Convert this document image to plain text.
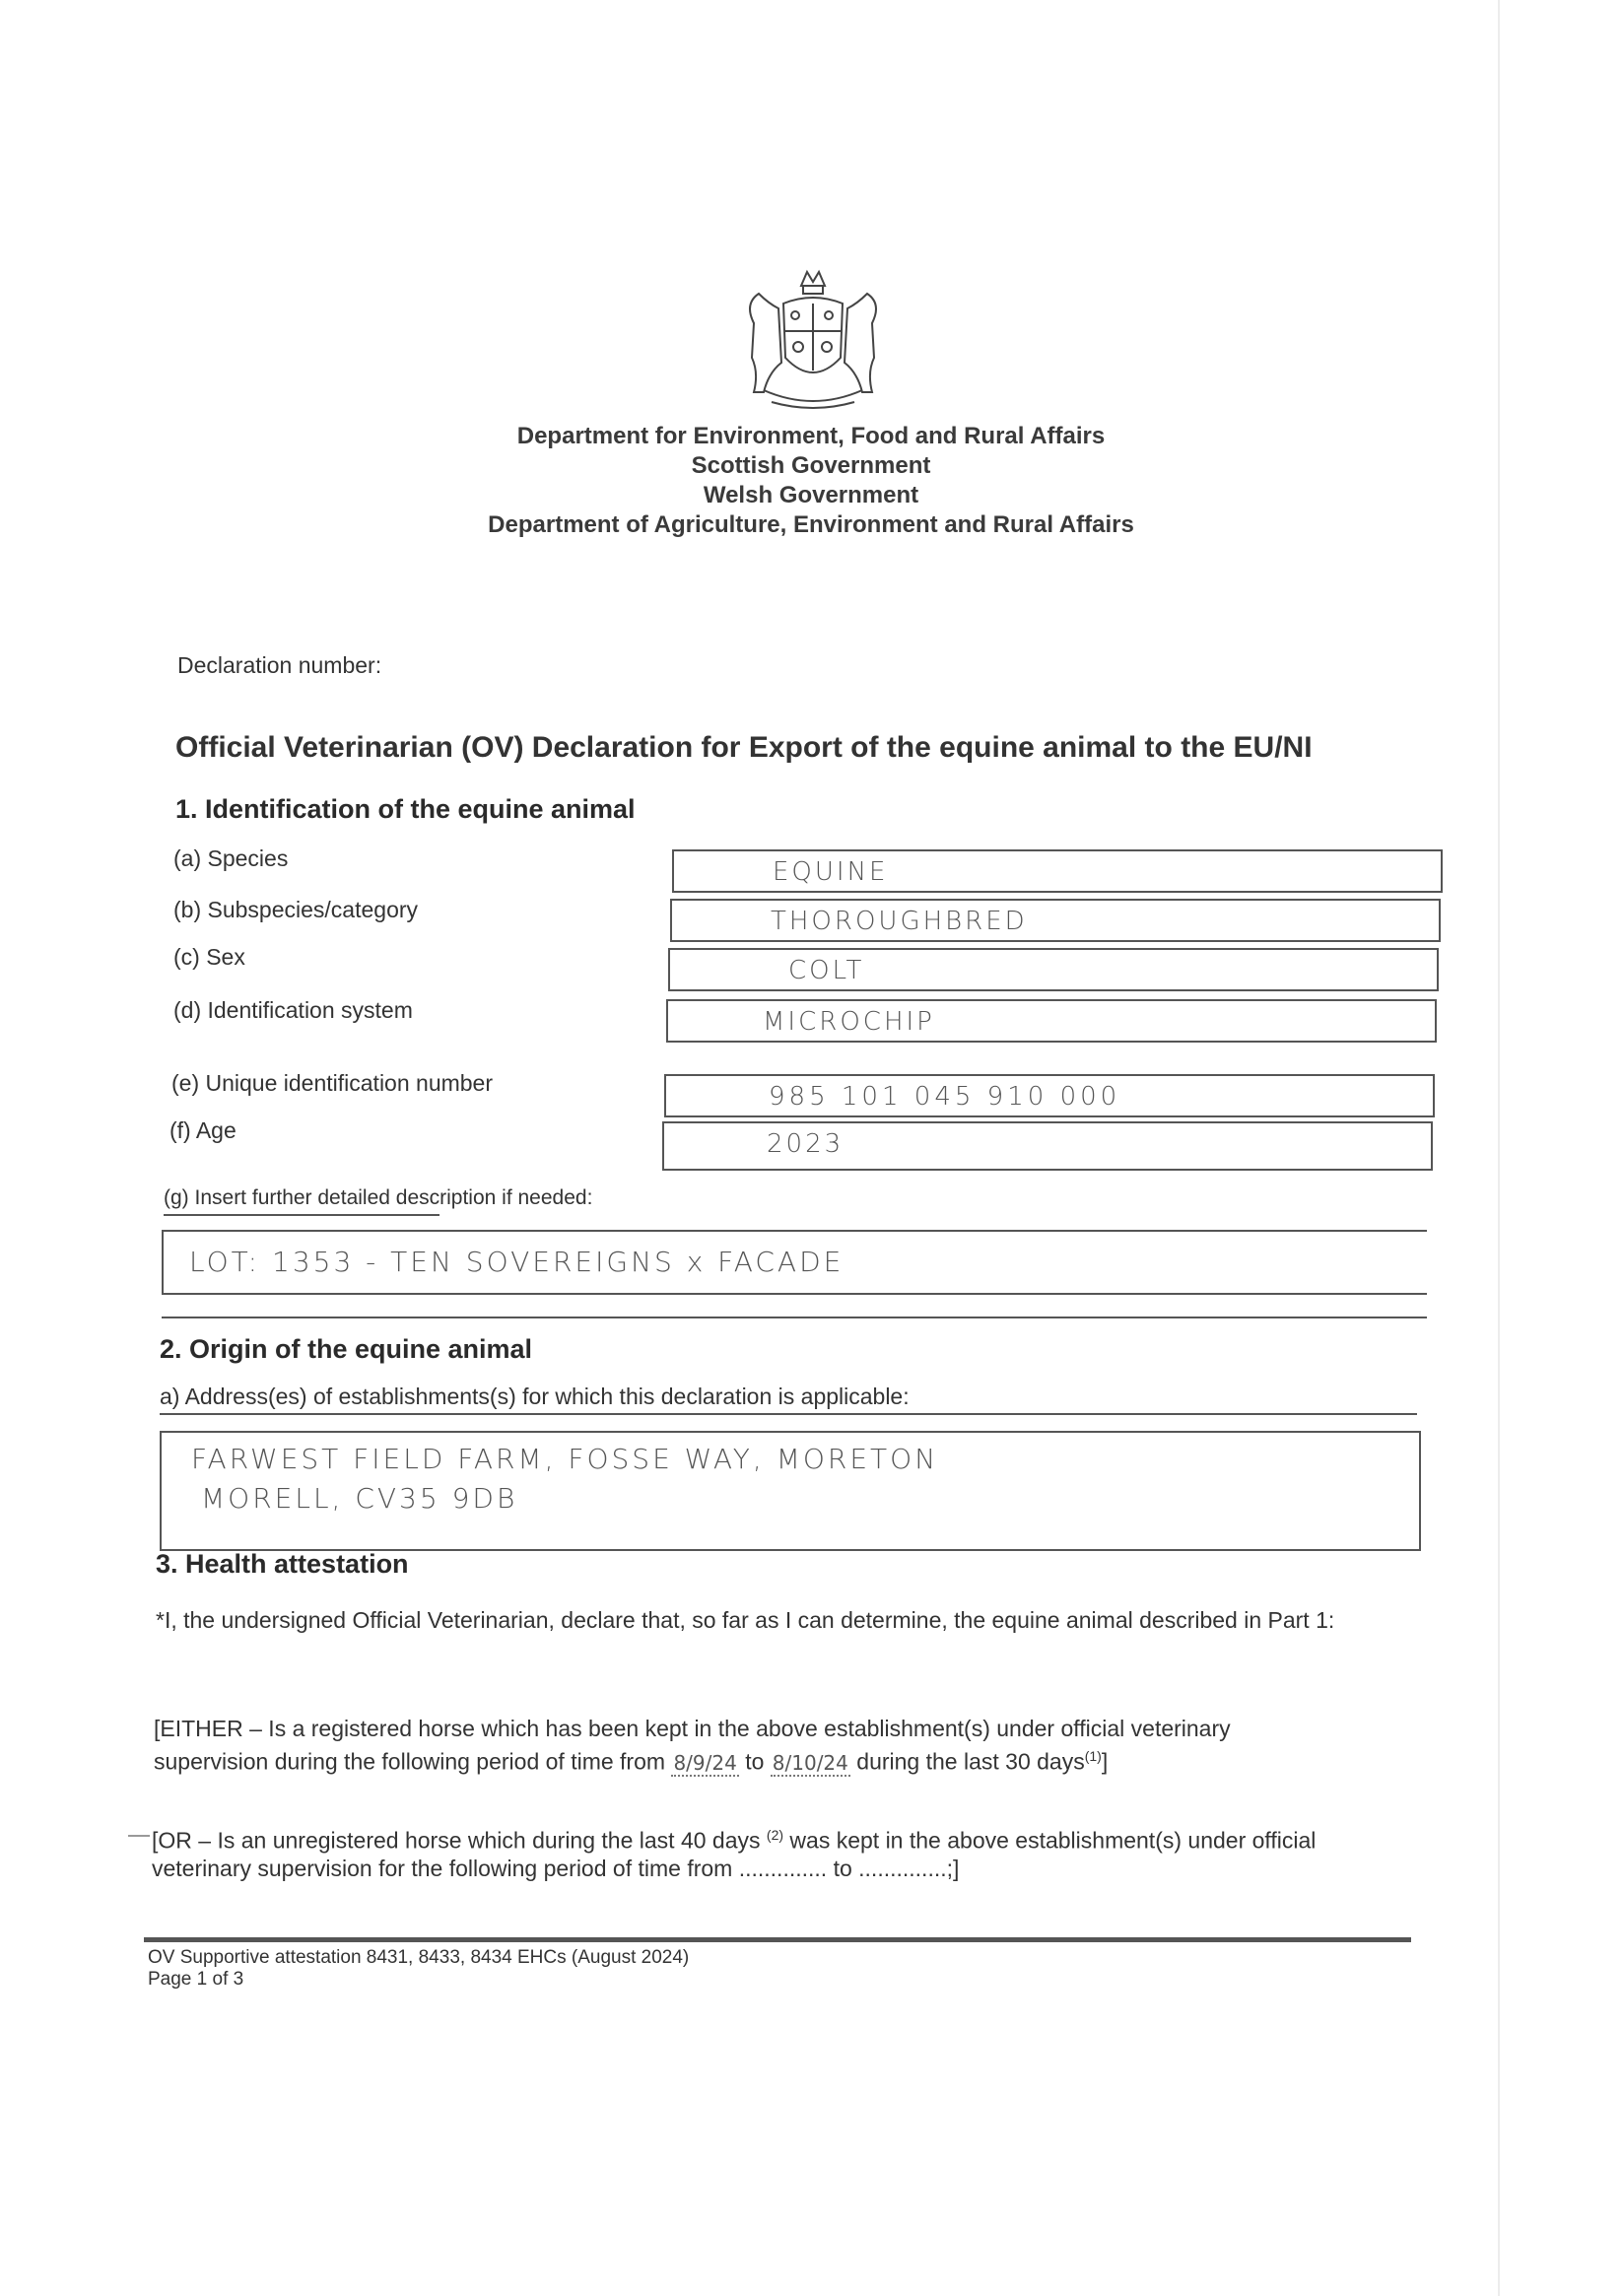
Department for Environment, Food and Rural Affairs
Scottish Government
Welsh Government
Department of Agriculture, Environment and Rural Affairs
Declaration number:
Official Veterinarian (OV) Declaration for Export of the equine animal to the EU/NI
1. Identification of the equine animal
(a) Species	EQUINE
(b) Subspecies/category	THOROUGHBRED
(c) Sex	COLT
(d) Identification system	MICROCHIP
(e) Unique identification number	985 101 045 910 000
(f) Age	2023
(g) Insert further detailed description if needed:
LOT: 1353 - TEN SOVEREIGNS x FACADE
2. Origin of the equine animal
a) Address(es) of establishments(s) for which this declaration is applicable:
FARWEST FIELD FARM, FOSSE WAY, MORETON
MORELL, CV35 9DB
3. Health attestation
*I, the undersigned Official Veterinarian, declare that, so far as I can determine, the equine animal described in Part 1:
[EITHER – Is a registered horse which has been kept in the above establishment(s) under official veterinary
supervision during the following period of time from 8/9/24 to 8/10/24 during the last 30 days$^{(1)}$]
[OR – Is an unregistered horse which during the last 40 days $^{(2)}$ was kept in the above establishment(s) under official
veterinary supervision for the following period of time from .............. to ..............;]
OV Supportive attestation 8431, 8433, 8434 EHCs (August 2024)
Page 1 of 3
